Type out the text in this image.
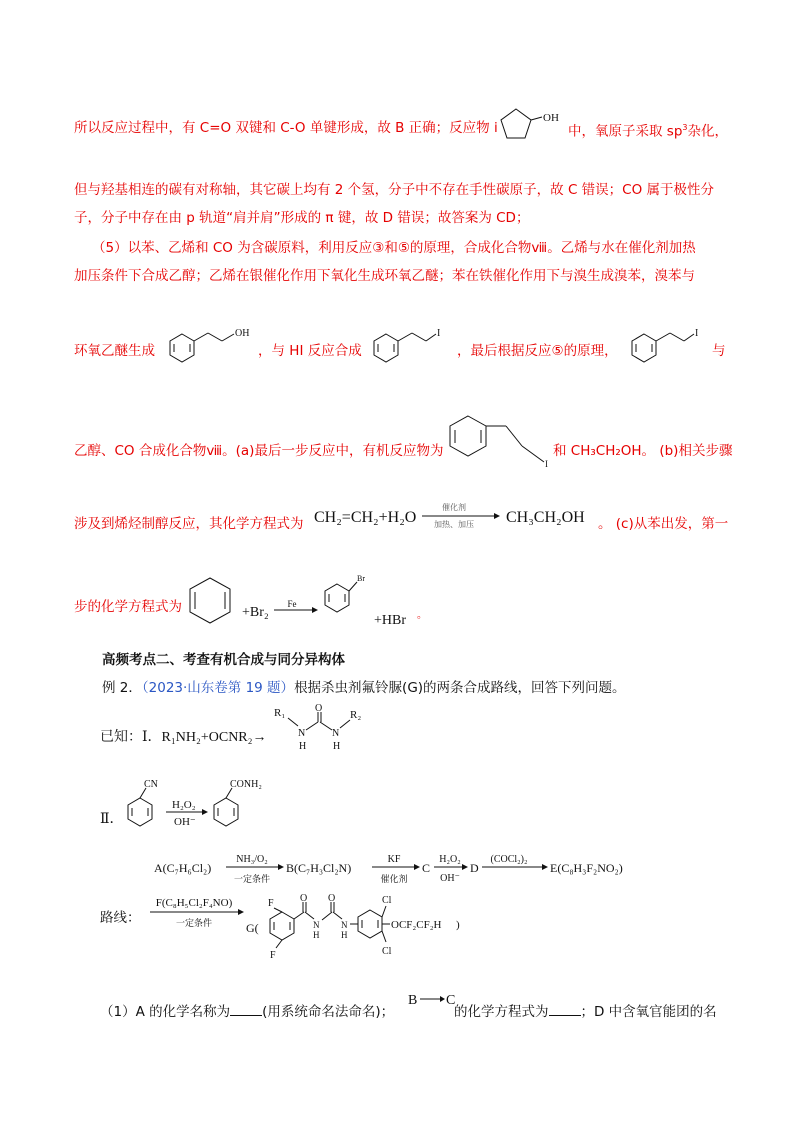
所以反应过程中，有 C=O 双键和 C-O 单键形成，故 B 正确；反应物 i
OH
中，氧原子采取 $sp^3$杂化，
但与羟基相连的碳有对称轴，其它碳上均有 2 个氢，分子中不存在手性碳原子，故 C 错误；CO 属于极性分
子，分子中存在由 p 轨道“肩并肩”形成的 π 键，故 D 错误；故答案为 CD；
（5）以苯、乙烯和 CO 为含碳原料，利用反应③和⑤的原理，合成化合物ⅷ。乙烯与水在催化剂加热
加压条件下合成乙醇；乙烯在银催化作用下氧化生成环氧乙醚；苯在铁催化作用下与溴生成溴苯，溴苯与
环氧乙醚生成
OH
，与 HI 反应合成
I
，最后根据反应⑤的原理，
I
与
乙醇、CO 合成化合物ⅷ。(a)最后一步反应中，有机反应物为
I
和 CH₃CH₂OH。 (b)相关步骤
涉及到烯烃制醇反应，其化学方程式为 CH₂=CH₂+H₂O
催化剂
加热、加压 CH₃CH₂OH 。 (c)从苯出发，第一
步的化学方程式为	+Br₂
Fe
Br
+HBr 。
高频考点二、考查有机合成与同分异构体
例 2．（2023·山东卷第 19 题）根据杀虫剂氟铃脲(G)的两条合成路线，回答下列问题。
已知：Ⅰ．R₁NH₂+OCNR₂→
R₁
N
H
O
N
H
R₂
Ⅱ．
CN
H₂O₂
OH⁻
CONH₂
A(C₇H₆Cl₂)
NH₃/O₂
一定条件
B(C₇H₃Cl₂N)
KF
催化剂
C
H₂O₂
OH⁻
D
(COCl₂)₂
E(C₈H₃F₂NO₂)
路线：
F(C₈H₅Cl₂F₄NO)
一定条件	G(
F
F
O
N
H
O
N
H
Cl
Cl
OCF₂CF₂H )
（1）A 的化学名称为 (用系统命名法命名)；
B C
的化学方程式为 ；D 中含氧官能团的名
